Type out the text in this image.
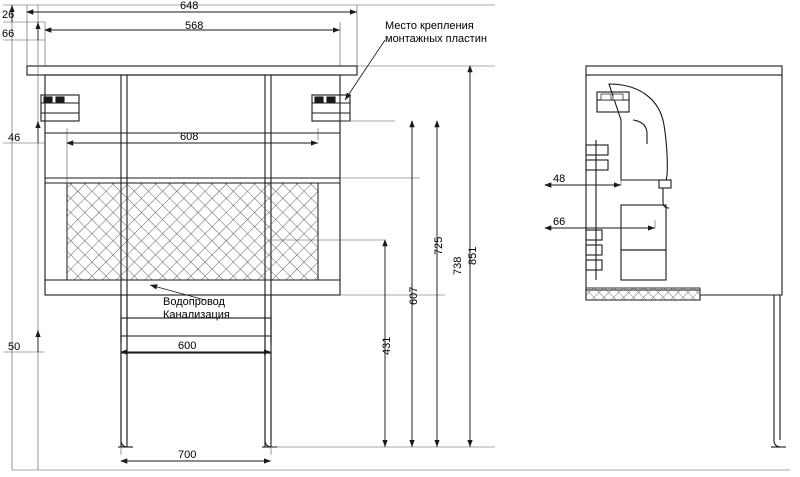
648
568
608
600
700
26
66
46
50	431
607
725
738
851
48
66
Место крепления
монтажных пластин
Водопровод
Канализация
